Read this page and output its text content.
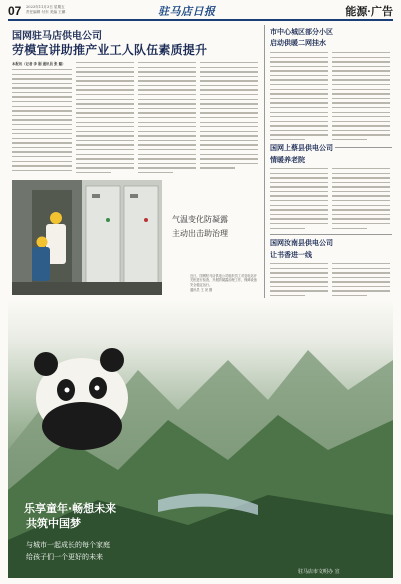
07 2023年11月3日 星期五
责任编辑 付东 美编 王鹏	驻马店日报	能源·广告
国网驻马店供电公司
劳模宣讲助推产业工人队伍素质提升
本报讯（记者 李 刚 通讯员 张 璐）
气温变化防凝露
主动出击助治理
近日，国网驻马店供电公司组织员工对变电站开关柜进行检查，开展防凝露治理工作，保障设备安全稳定运行。
通讯员 王 尧 摄
市中心城区部分小区
启动供暖二网挂水
国网上蔡县供电公司
情暖养老院
国网汝南县供电公司
让书香进一线
乐享童年·畅想未来
共筑中国梦
与城市一起成长的每个家庭
给孩子们一个更好的未来
驻马店市文明办 宣
